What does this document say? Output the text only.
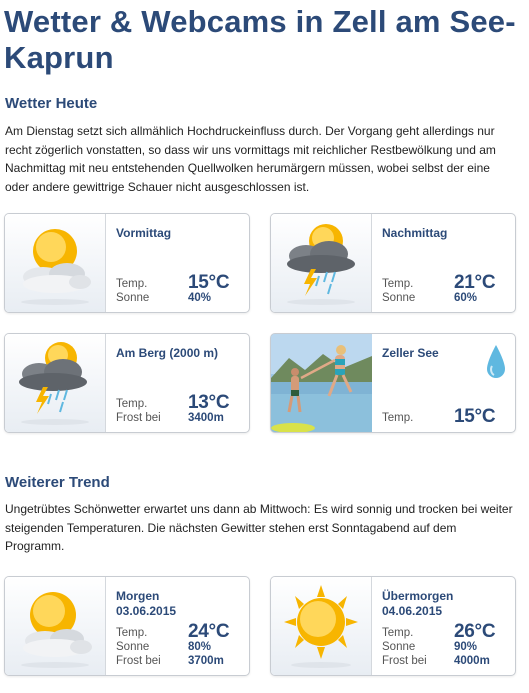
Wetter & Webcams in Zell am See-Kaprun
Wetter Heute

Am Dienstag setzt sich allmählich Hochdruckeinfluss durch. Der Vorgang geht allerdings nur recht zögerlich vonstatten, so dass wir uns vormittags mit reichlicher Restbewölkung und am Nachmittag mit neu entstehenden Quellwolken herumärgern müssen, wobei selbst der eine oder andere gewittrige Schauer nicht ausgeschlossen ist.

Vormittag
Temp. 15°C
Sonne	40%
Nachmittag
Temp. 21°C
Sonne	60%
Am Berg (2000 m)
Temp. 13°C
Frost bei 3400m
Zeller See
Temp. 15°C
Weiterer Trend

Ungetrübtes Schönwetter erwartet uns dann ab Mittwoch: Es wird sonnig und trocken bei weiter steigenden Temperaturen. Die nächsten Gewitter stehen erst Sonntagabend auf dem Programm.

Morgen
03.06.2015
Temp. 24°C
Sonne	80%
Frost bei 3700m
Übermorgen
04.06.2015
Temp. 26°C
Sonne	90%
Frost bei 4000m
